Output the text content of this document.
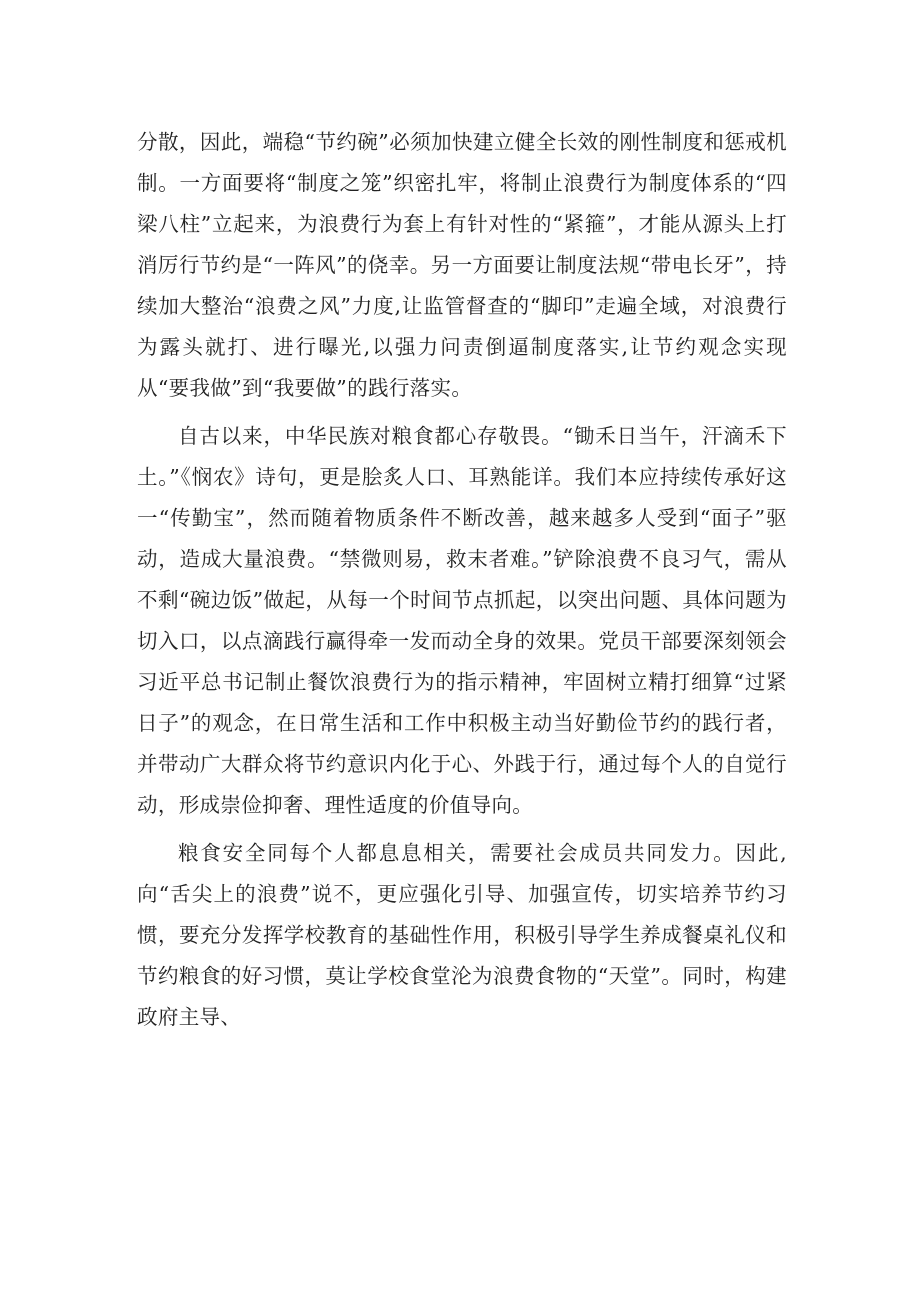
分散，因此，端稳“节约碗”必须加快建立健全长效的刚性制度和惩戒机制。一方面要将“制度之笼”织密扎牢，将制止浪费行为制度体系的“四梁八柱”立起来，为浪费行为套上有针对性的“紧箍”，才能从源头上打消厉行节约是“一阵风”的侥幸。另一方面要让制度法规“带电长牙”，持续加大整治“浪费之风”力度,让监管督查的“脚印”走遍全域，对浪费行为露头就打、进行曝光,以强力问责倒逼制度落实,让节约观念实现从“要我做”到“我要做”的践行落实。

自古以来，中华民族对粮食都心存敬畏。“锄禾日当午，汗滴禾下土。”《悯农》诗句，更是脍炙人口、耳熟能详。我们本应持续传承好这一“传勤宝”，然而随着物质条件不断改善，越来越多人受到“面子”驱动，造成大量浪费。“禁微则易，救末者难。”铲除浪费不良习气，需从不剩“碗边饭”做起，从每一个时间节点抓起，以突出问题、具体问题为切入口，以点滴践行赢得牵一发而动全身的效果。党员干部要深刻领会习近平总书记制止餐饮浪费行为的指示精神，牢固树立精打细算“过紧日子”的观念，在日常生活和工作中积极主动当好勤俭节约的践行者，并带动广大群众将节约意识内化于心、外践于行，通过每个人的自觉行动，形成崇俭抑奢、理性适度的价值导向。

粮食安全同每个人都息息相关，需要社会成员共同发力。因此,向“舌尖上的浪费”说不，更应强化引导、加强宣传，切实培养节约习惯，要充分发挥学校教育的基础性作用，积极引导学生养成餐桌礼仪和节约粮食的好习惯，莫让学校食堂沦为浪费食物的“天堂”。同时，构建政府主导、
